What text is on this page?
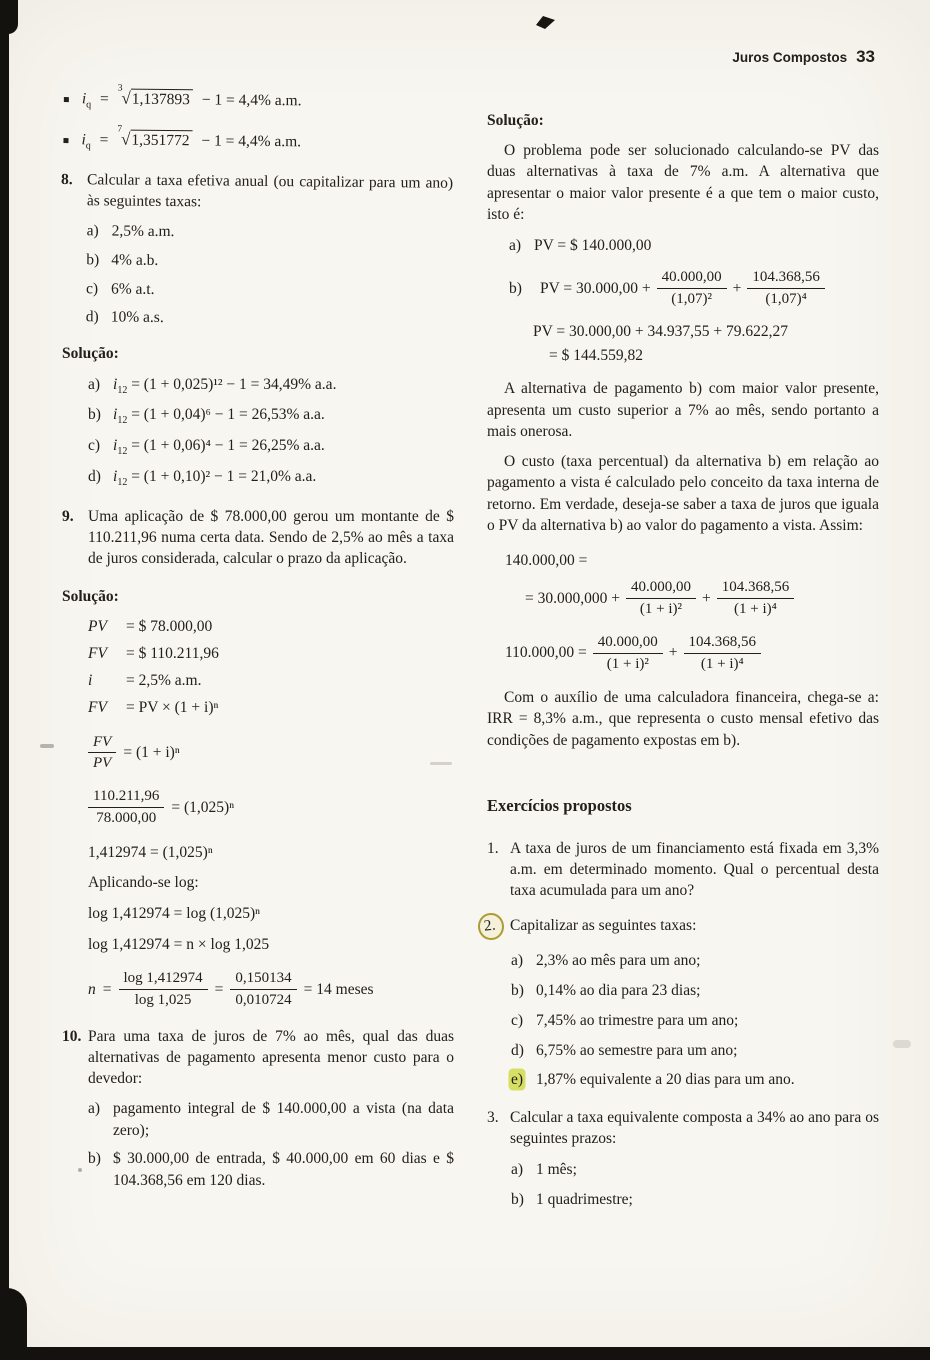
Juros Compostos 33
$i_q = ^3√1,137893 - 1 = 4,4\%$ a.m.
$i_q = ^7√1,351772 - 1 = 4,4\%$ a.m.
8. Calcular a taxa efetiva anual (ou capitalizar para um ano) às seguintes taxas:
a) 2,5% a.m.
b) 4% a.b.
c) 6% a.t.
d) 10% a.s.
Solução:
a) $i_{12} = (1 + 0,025)^{12} - 1 = 34,49\%$ a.a.
b) $i_{12} = (1 + 0,04)^6 - 1 = 26,53\%$ a.a.
c) $i_{12} = (1 + 0,06)^4 - 1 = 26,25\%$ a.a.
d) $i_{12} = (1 + 0,10)^2 - 1 = 21,0\%$ a.a.
9. Uma aplicação de $ 78.000,00 gerou um montante de $ 110.211,96 numa certa data. Sendo de 2,5% ao mês a taxa de juros considerada, calcular o prazo da aplicação.
Solução:
PV	= $ 78.000,00
FV	= $ 110.211,96
i	= 2,5% a.m.
FV	= PV × (1 + i)ⁿ
$\frac{FV}{PV} = (1 + i)^n$
$\frac{110.211,96}{78.000,00} = (1,025)^n$
1,412974 = (1,025)ⁿ
Aplicando-se log:
log 1,412974 = log (1,025)ⁿ
log 1,412974 = n × log 1,025
$n = \frac{\log 1,412974}{\log 1,025} = \frac{0,150134}{0,010724} = 14$ meses
10. Para uma taxa de juros de 7% ao mês, qual das duas alternativas de pagamento apresenta menor custo para o devedor:
a) pagamento integral de $ 140.000,00 a vista (na data zero);
b) $ 30.000,00 de entrada, $ 40.000,00 em 60 dias e $ 104.368,56 em 120 dias.
Solução:
O problema pode ser solucionado calculando-se PV das duas alternativas à taxa de 7% a.m. A alternativa que apresentar o maior valor presente é a que tem o maior custo, isto é:
a) PV = $ 140.000,00
b)	PV = $30.000,00 + \frac{40.000,00}{\text{(1,07)²}} + \frac{104.368,56}{\text{(1,07)⁴}}$
PV = 30.000,00 + 34.937,55 + 79.622,27
= $ 144.559,82
A alternativa de pagamento b) com maior valor presente, apresenta um custo superior a 7% ao mês, sendo portanto a mais onerosa.
O custo (taxa percentual) da alternativa b) em relação ao pagamento a vista é calculado pelo conceito da taxa interna de retorno. Em verdade, deseja-se saber a taxa de juros que iguala o PV da alternativa b) ao valor do pagamento a vista. Assim:
140.000,00 =
= $30.000,000 + \frac{40.000,00}{\text{(1 + i)²}} + \frac{104.368,56}{\text{(1 + i)⁴}}$
$110.000,00 = \frac{40.000,00}{\text{(1 + i)²}} + \frac{104.368,56}{\text{(1 + i)⁴}}$
Com o auxílio de uma calculadora financeira, chega-se a: IRR = 8,3% a.m., que representa o custo mensal efetivo das condições de pagamento expostas em b).
Exercícios propostos
1. A taxa de juros de um financiamento está fixada em 3,3% a.m. em determinado momento. Qual o percentual desta taxa acumulada para um ano?
2. Capitalizar as seguintes taxas:
a) 2,3% ao mês para um ano;
b) 0,14% ao dia para 23 dias;
c) 7,45% ao trimestre para um ano;
d) 6,75% ao semestre para um ano;
e) 1,87% equivalente a 20 dias para um ano.
3. Calcular a taxa equivalente composta a 34% ao ano para os seguintes prazos:
a) 1 mês;
b) 1 quadrimestre;
